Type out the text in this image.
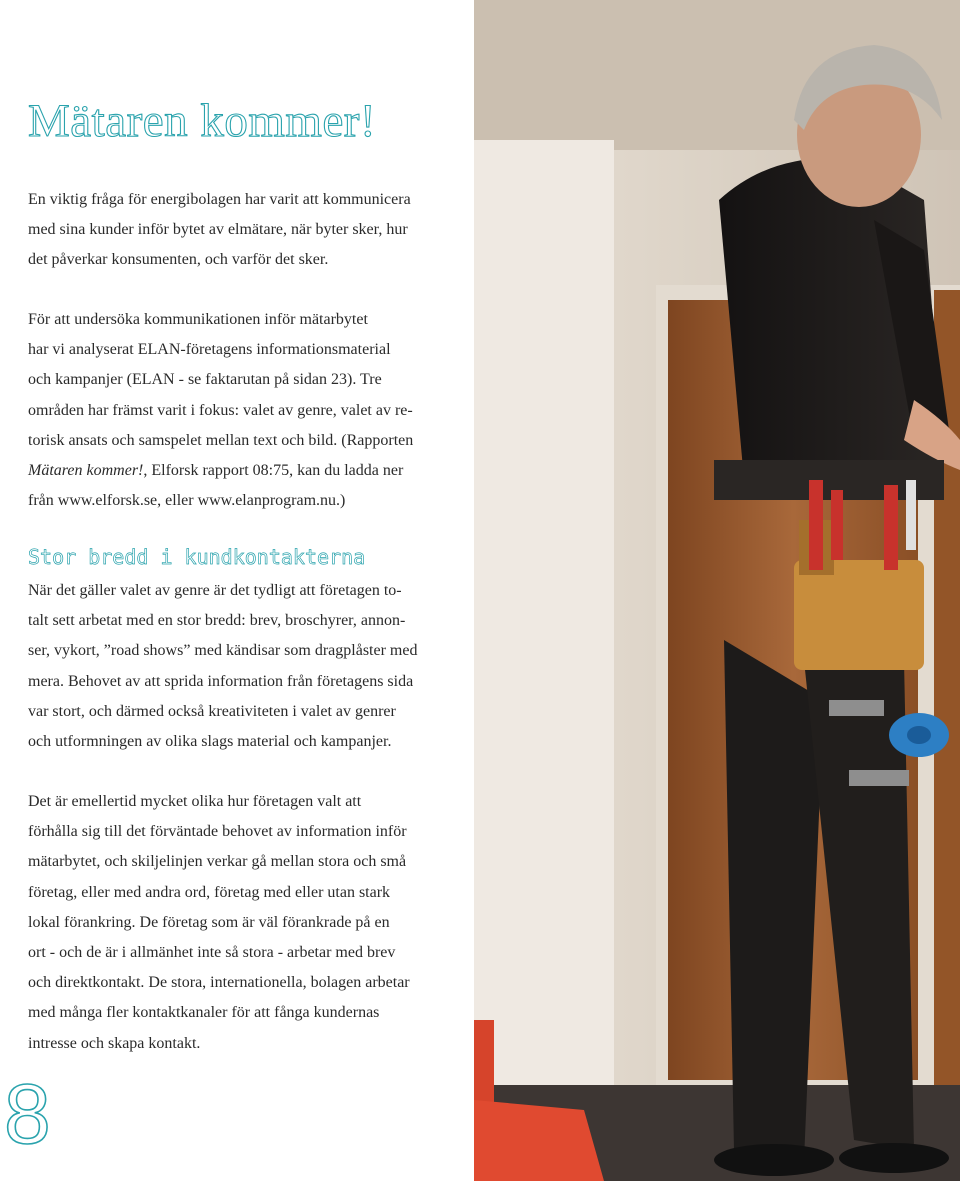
Mätaren kommer!

En viktig fråga för energibolagen har varit att kommunicera
med sina kunder inför bytet av elmätare, när byter sker, hur
det påverkar konsumenten, och varför det sker.

För att undersöka kommunikationen inför mätarbytet
har vi analyserat ELAN-företagens informationsmaterial
och kampanjer (ELAN - se faktarutan på sidan 23). Tre
områden har främst varit i fokus: valet av genre, valet av re-
torisk ansats och samspelet mellan text och bild. (Rapporten
Mätaren kommer!, Elforsk rapport 08:75, kan du ladda ner
från www.elforsk.se, eller www.elanprogram.nu.)

Stor bredd i kundkontakterna

När det gäller valet av genre är det tydligt att företagen to-
talt sett arbetat med en stor bredd: brev, broschyrer, annon-
ser, vykort, ”road shows” med kändisar som dragplåster med
mera. Behovet av att sprida information från företagens sida
var stort, och därmed också kreativiteten i valet av genrer
och utformningen av olika slags material och kampanjer.

Det är emellertid mycket olika hur företagen valt att
förhålla sig till det förväntade behovet av information inför
mätarbytet, och skiljelinjen verkar gå mellan stora och små
företag, eller med andra ord, företag med eller utan stark
lokal förankring. De företag som är väl förankrade på en
ort - och de är i allmänhet inte så stora - arbetar med brev
och direktkontakt. De stora, internationella, bolagen arbetar
med många fler kontaktkanaler för att fånga kundernas
intresse och skapa kontakt.

8
